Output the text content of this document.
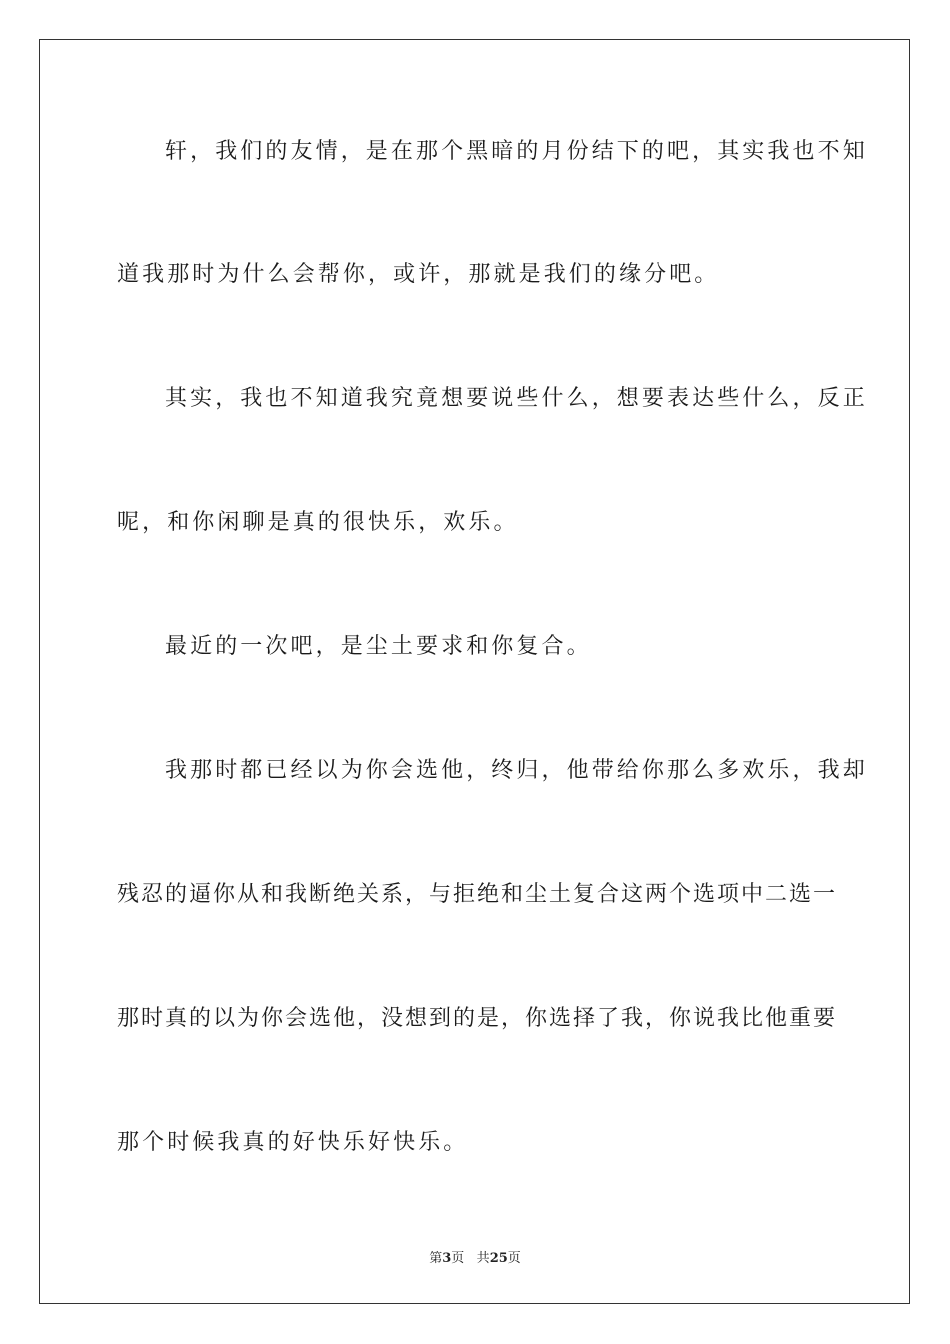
轩，我们的友情，是在那个黑暗的月份结下的吧，其实我也不知
道我那时为什么会帮你，或许，那就是我们的缘分吧。
其实，我也不知道我究竟想要说些什么，想要表达些什么，反正
呢，和你闲聊是真的很快乐，欢乐。
最近的一次吧，是尘土要求和你复合。
我那时都已经以为你会选他，终归，他带给你那么多欢乐，我却
残忍的逼你从和我断绝关系，与拒绝和尘土复合这两个选项中二选一
那时真的以为你会选他，没想到的是，你选择了我，你说我比他重要
那个时候我真的好快乐好快乐。
第3页 共25页
